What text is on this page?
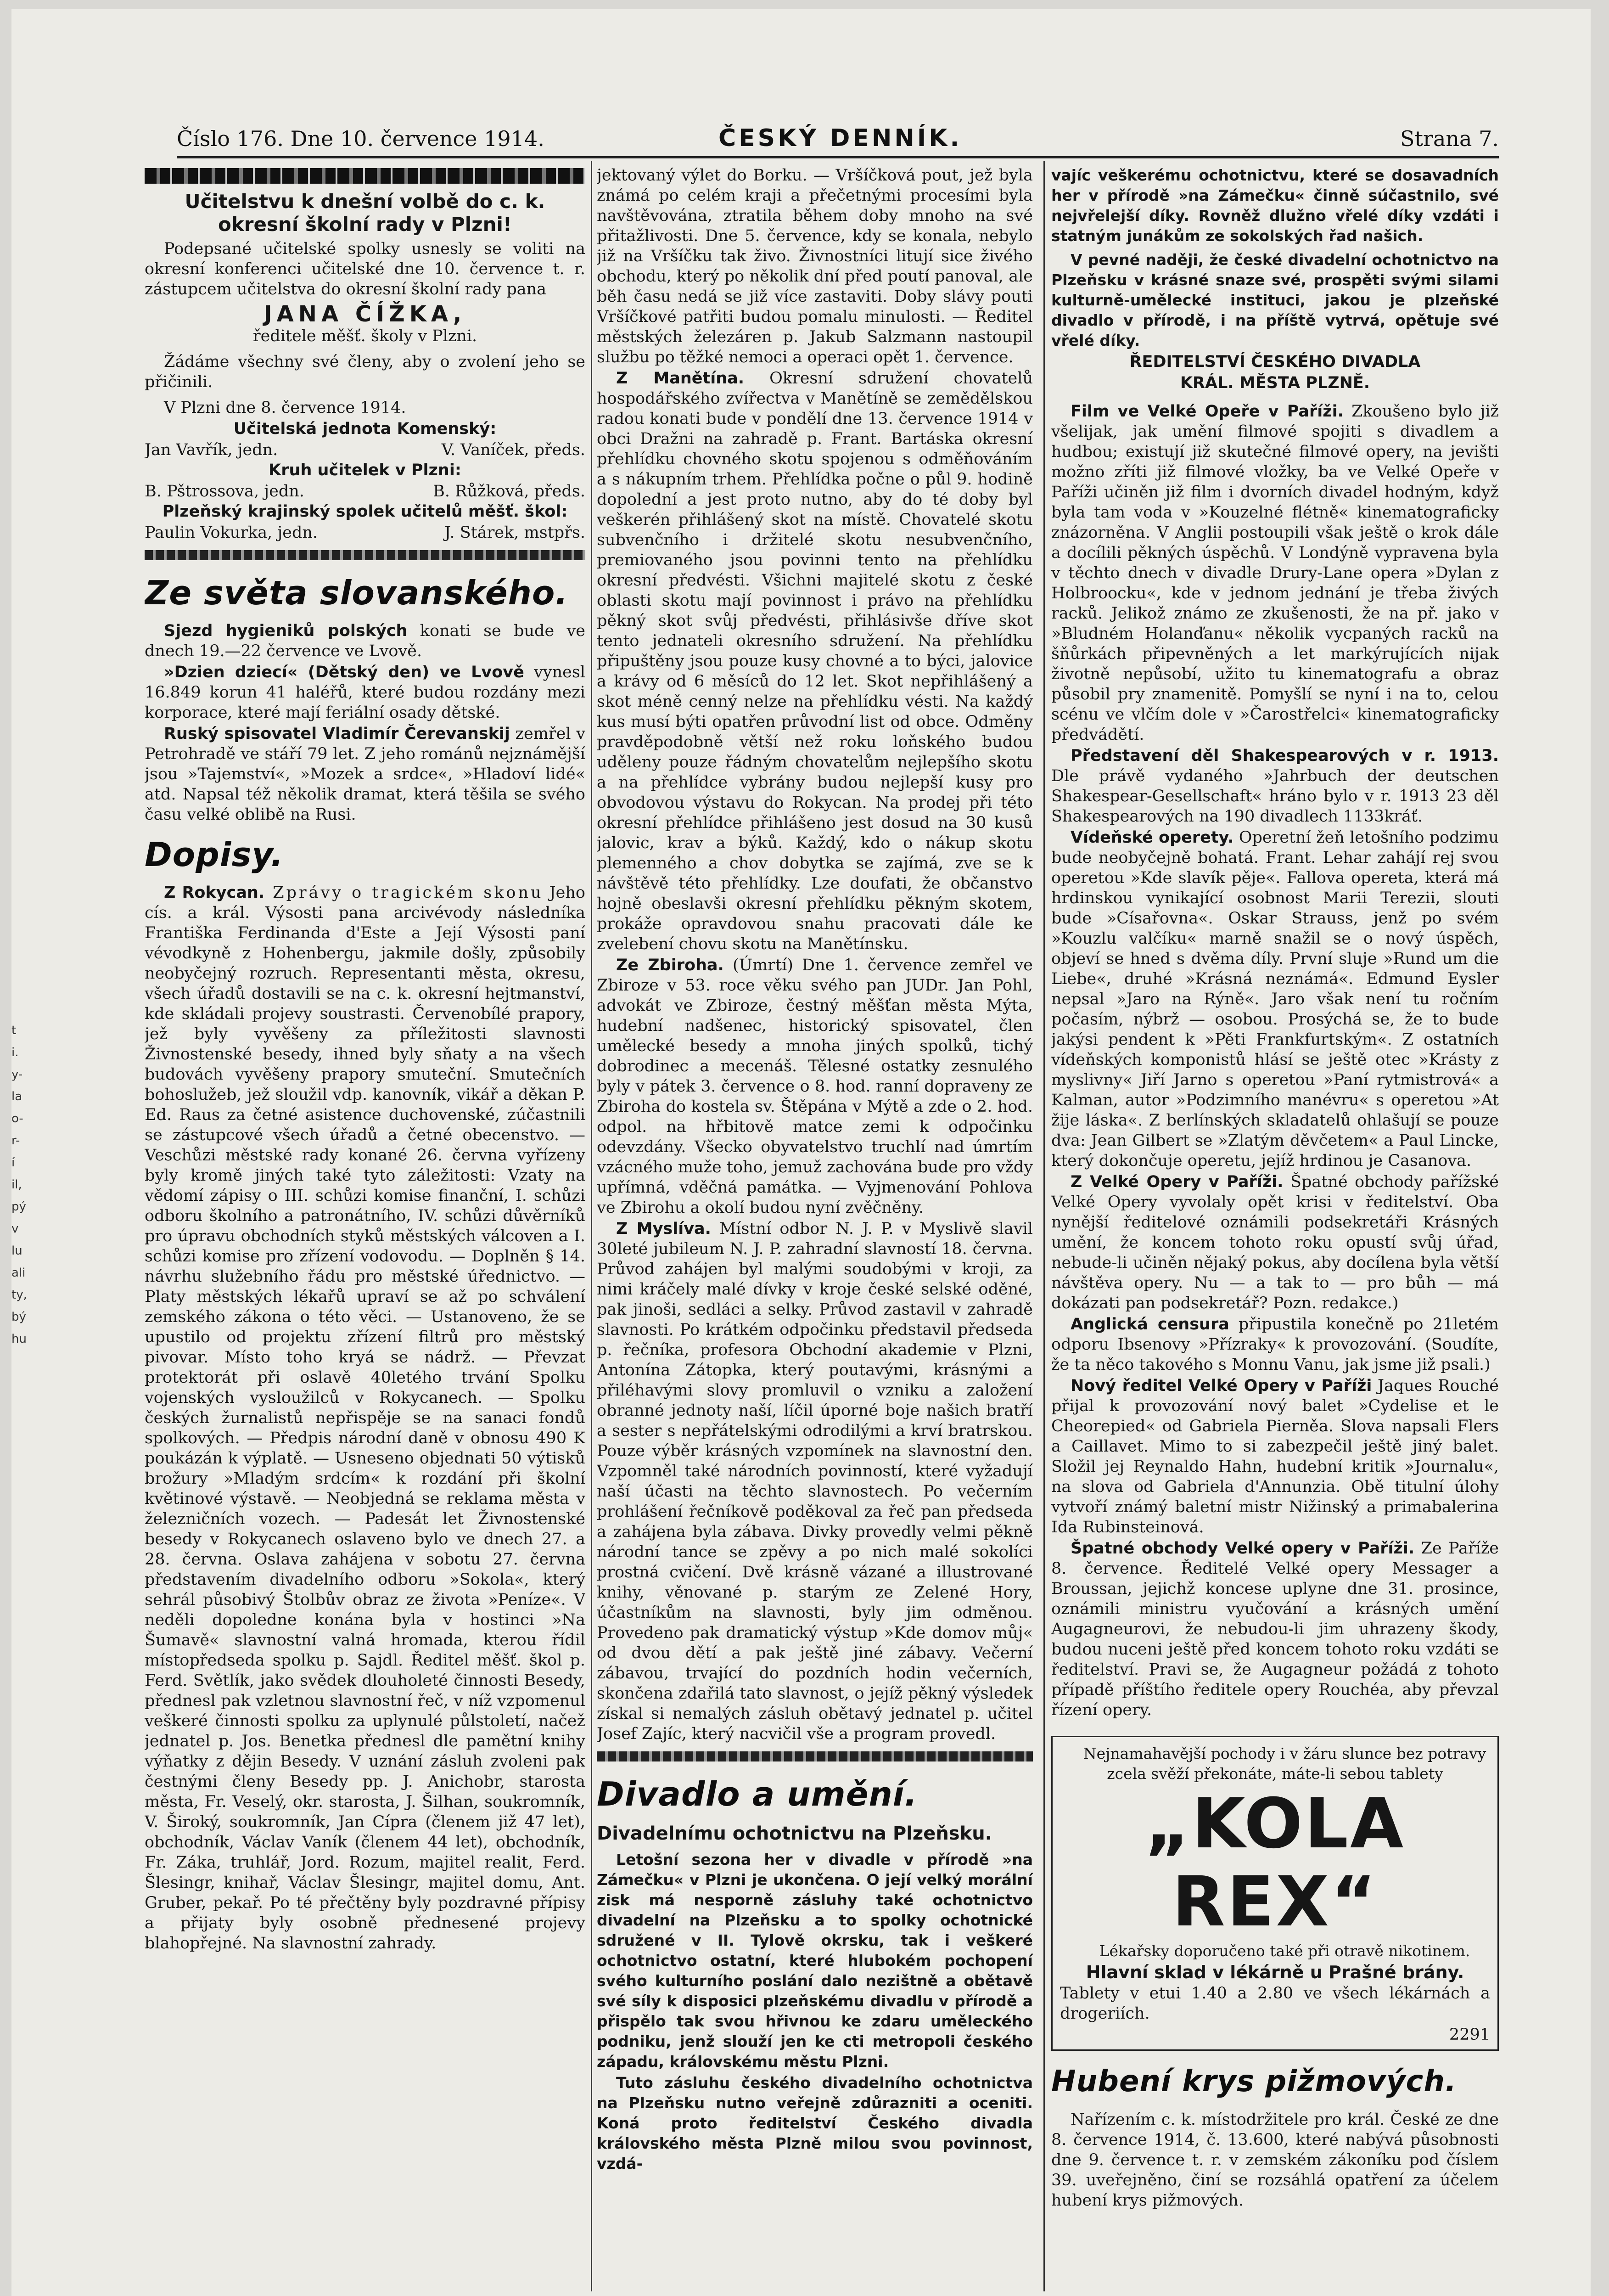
t
i.
y-
la
o-
r-
í
il,
pý
v
lu
ali
ty,
bý
hu
Číslo 176. Dne 10. července 1914.	ČESKÝ DENNÍK.	Strana 7.
Učitelstvu k dnešní volbě do c. k. okresní školní rady v Plzni!

Podepsané učitelské spolky usnesly se voliti na okresní konferenci učitelské dne 10. července t. r. zástupcem učitelstva do okresní školní rady pana

JANA ČÍŽKA,

ředitele měšť. školy v Plzni.

Žádáme všechny své členy, aby o zvolení jeho se přičinili.

V Plzni dne 8. července 1914.

Učitelská jednota Komenský:

Jan Vavřík, jedn.	V. Vaníček, předs.

Kruh učitelek v Plzni:

B. Pštrossova, jedn.	B. Růžková, předs.

Plzeňský krajinský spolek učitelů měšť. škol:

Paulin Vokurka, jedn.	J. Stárek, mstpřs.
Ze světa slovanského.

Sjezd hygieniků polských konati se bude ve dnech 19.—22 července ve Lvově.

»Dzien dziecí« (Dětský den) ve Lvově vynesl 16.849 korun 41 haléřů, které budou rozdány mezi korporace, které mají feriální osady dětské.

Ruský spisovatel Vladimír Čerevanskij zemřel v Petrohradě ve stáří 79 let. Z jeho románů nejznámější jsou »Tajemství«, »Mozek a srdce«, »Hladoví lidé« atd. Napsal též několik dramat, která těšila se svého času velké oblibě na Rusi.

Dopisy.

Z Rokycan. Zprávy o tragickém skonu Jeho cís. a král. Výsosti pana arcivévody následníka Františka Ferdinanda d'Este a Její Výsosti paní vévodkyně z Hohenbergu, jakmile došly, způsobily neobyčejný rozruch. Representanti města, okresu, všech úřadů dostavili se na c. k. okresní hejtmanství, kde skládali projevy soustrasti. Červenobílé prapory, jež byly vyvěšeny za příležitosti slavnosti Živnostenské besedy, ihned byly sňaty a na všech budovách vyvěšeny prapory smuteční. Smutečních bohoslužeb, jež sloužil vdp. kanovník, vikář a děkan P. Ed. Raus za četné asistence duchovenské, zúčastnili se zástupcové všech úřadů a četné obecenstvo. — Veschůzi městské rady konané 26. června vyřízeny byly kromě jiných také tyto záležitosti: Vzaty na vědomí zápisy o III. schůzi komise finanční, I. schůzi odboru školního a patronátního, IV. schůzi důvěrníků pro úpravu obchodních styků městských válcoven a I. schůzi komise pro zřízení vodovodu. — Doplněn § 14. návrhu služebního řádu pro městské úřednictvo. — Platy městských lékařů upraví se až po schválení zemského zákona o této věci. — Ustanoveno, že se upustilo od projektu zřízení filtrů pro městský pivovar. Místo toho kryá se nádrž. — Převzat protektorát při oslavě 40letého trvání Spolku vojenských vysloužilců v Rokycanech. — Spolku českých žurnalistů nepřispěje se na sanaci fondů spolkových. — Předpis národní daně v obnosu 490 K poukázán k výplatě. — Usneseno objednati 50 výtisků brožury »Mladým srdcím« k rozdání při školní květinové výstavě. — Neobjedná se reklama města v železničních vozech. — Padesát let Živnostenské besedy v Rokycanech oslaveno bylo ve dnech 27. a 28. června. Oslava zahájena v sobotu 27. června představením divadelního odboru »Sokola«, který sehrál působivý Štolbův obraz ze života »Peníze«. V neděli dopoledne konána byla v hostinci »Na Šumavě« slavnostní valná hromada, kterou řídil místopředseda spolku p. Sajdl. Ředitel měšť. škol p. Ferd. Světlík, jako svědek dlouholeté činnosti Besedy, přednesl pak vzletnou slavnostní řeč, v níž vzpomenul veškeré činnosti spolku za uplynulé půlstoletí, načež jednatel p. Jos. Benetka přednesl dle pamětní knihy výňatky z dějin Besedy. V uznání zásluh zvoleni pak čestnými členy Besedy pp. J. Anichobr, starosta města, Fr. Veselý, okr. starosta, J. Šilhan, soukromník, V. Široký, soukromník, Jan Cípra (členem již 47 let), obchodník, Václav Vaník (členem 44 let), obchodník, Fr. Záka, truhlář, Jord. Rozum, majitel realit, Ferd. Šlesingr, knihař, Václav Šlesingr, majitel domu, Ant. Gruber, pekař. Po té přečtěny byly pozdravné přípisy a přijaty byly osobně přednesené projevy blahopřejné. Na slavnostní zahrady.

jektovaný výlet do Borku. — Vršíčková pout, jež byla známá po celém kraji a přečetnými procesími byla navštěvována, ztratila během doby mnoho na své přitažlivosti. Dne 5. července, kdy se konala, nebylo již na Vršíčku tak živo. Živnostníci litují sice živého obchodu, který po několik dní před poutí panoval, ale běh času nedá se již více zastaviti. Doby slávy pouti Vršíčkové patřiti budou pomalu minulosti. — Ředitel městských železáren p. Jakub Salzmann nastoupil službu po těžké nemoci a operaci opět 1. července.

Z Manětína. Okresní sdružení chovatelů hospodářského zvířectva v Manětíně se zemědělskou radou konati bude v pondělí dne 13. července 1914 v obci Dražni na zahradě p. Frant. Bartáska okresní přehlídku chovného skotu spojenou s odměňováním a s nákupním trhem. Přehlídka počne o půl 9. hodině dopolední a jest proto nutno, aby do té doby byl veškerén přihlášený skot na místě. Chovatelé skotu subvenčního i držitelé skotu nesubvenčního, premiovaného jsou povinni tento na přehlídku okresní předvésti. Všichni majitelé skotu z české oblasti skotu mají povinnost i právo na přehlídku pěkný skot svůj předvésti, přihlásivše dříve skot tento jednateli okresního sdružení. Na přehlídku připuštěny jsou pouze kusy chovné a to býci, jalovice a krávy od 6 měsíců do 12 let. Skot nepřihlášený a skot méně cenný nelze na přehlídku vésti. Na každý kus musí býti opatřen průvodní list od obce. Odměny pravděpodobně větší než roku loňského budou uděleny pouze řádným chovatelům nejlepšího skotu a na přehlídce vybrány budou nejlepší kusy pro obvodovou výstavu do Rokycan. Na prodej při této okresní přehlídce přihlášeno jest dosud na 30 kusů jalovic, krav a býků. Každý, kdo o nákup skotu plemenného a chov dobytka se zajímá, zve se k návštěvě této přehlídky. Lze doufati, že občanstvo hojně obeslavši okresní přehlídku pěkným skotem, prokáže opravdovou snahu pracovati dále ke zvelebení chovu skotu na Manětínsku.

Ze Zbiroha. (Úmrtí) Dne 1. července zemřel ve Zbiroze v 53. roce věku svého pan JUDr. Jan Pohl, advokát ve Zbiroze, čestný měšťan města Mýta, hudební nadšenec, historický spisovatel, člen umělecké besedy a mnoha jiných spolků, tichý dobrodinec a mecenáš. Tělesné ostatky zesnulého byly v pátek 3. července o 8. hod. ranní dopraveny ze Zbiroha do kostela sv. Štěpána v Mýtě a zde o 2. hod. odpol. na hřbitově matce zemi k odpočinku odevzdány. Všecko obyvatelstvo truchlí nad úmrtím vzácného muže toho, jemuž zachována bude pro vždy upřímná, vděčná památka. — Vyjmenování Pohlova ve Zbirohu a okolí budou nyní zvěčněny.

Z Myslíva. Místní odbor N. J. P. v Myslivě slavil 30leté jubileum N. J. P. zahradní slavností 18. června. Průvod zahájen byl malými soudobými v kroji, za nimi kráčely malé dívky v kroje české selské oděné, pak jinoši, sedláci a selky. Průvod zastavil v zahradě slavnosti. Po krátkém odpočinku představil předseda p. řečníka, profesora Obchodní akademie v Plzni, Antonína Zátopka, který poutavými, krásnými a přiléhavými slovy promluvil o vzniku a založení obranné jednoty naší, líčil úporné boje našich bratří a sester s nepřátelskými odrodilými a krví bratrskou. Pouze výběr krásných vzpomínek na slavnostní den. Vzpomněl také národních povinností, které vyžadují naší účasti na těchto slavnostech. Po večerním prohlášení řečníkově poděkoval za řeč pan předseda a zahájena byla zábava. Divky provedly velmi pěkně národní tance se zpěvy a po nich malé sokolíci prostná cvičení. Dvě krásně vázané a illustrované knihy, věnované p. starým ze Zelené Hory, účastníkům na slavnosti, byly jim odměnou. Provedeno pak dramatický výstup »Kde domov můj« od dvou dětí a pak ještě jiné zábavy. Večerní zábavou, trvající do pozdních hodin večerních, skončena zdařilá tato slavnost, o jejíž pěkný výsledek získal si nemalých zásluh obětavý jednatel p. učitel Josef Zajíc, který nacvičil vše a program provedl.

Divadlo a umění.
Divadelnímu ochotnictvu na Plzeňsku.

Letošní sezona her v divadle v přírodě »na Zámečku« v Plzni je ukončena. O její velký morální zisk má nesporně zásluhy také ochotnictvo divadelní na Plzeňsku a to spolky ochotnické sdružené v II. Tylově okrsku, tak i veškeré ochotnictvo ostatní, které hlubokém pochopení svého kulturního poslání dalo nezištně a obětavě své síly k disposici plzeňskému divadlu v přírodě a přispělo tak svou hřivnou ke zdaru uměleckého podniku, jenž slouží jen ke cti metropoli českého západu, královskému městu Plzni.

Tuto zásluhu českého divadelního ochotnictva na Plzeňsku nutno veřejně zdůrazniti a oceniti. Koná proto ředitelství Českého divadla královského města Plzně milou svou povinnost, vzdá-

vajíc veškerému ochotnictvu, které se dosavadních her v přírodě »na Zámečku« činně súčastnilo, své nejvřelejší díky. Rovněž dlužno vřelé díky vzdáti i statným junákům ze sokolských řad našich.

V pevné naději, že české divadelní ochotnictvo na Plzeňsku v krásné snaze své, prospěti svými silami kulturně-umělecké instituci, jakou je plzeňské divadlo v přírodě, i na příště vytrvá, opětuje své vřelé díky.

ŘEDITELSTVÍ ČESKÉHO DIVADLA

KRÁL. MĚSTA PLZNĚ.

Film ve Velké Opeře v Paříži. Zkoušeno bylo již všelijak, jak umění filmové spojiti s divadlem a hudbou; existují již skutečné filmové opery, na jevišti možno zříti již filmové vložky, ba ve Velké Opeře v Paříži učiněn již film i dvorních divadel hodným, když byla tam voda v »Kouzelné flétně« kinematograficky znázorněna. V Anglii postoupili však ještě o krok dále a docílili pěkných úspěchů. V Londýně vypravena byla v těchto dnech v divadle Drury-Lane opera »Dylan z Holbroocku«, kde v jednom jednání je třeba živých racků. Jelikož známo ze zkušenosti, že na př. jako v »Bludném Holanďanu« několik vycpaných racků na šňůrkách připevněných a let markýrujících nijak životně nepůsobí, užito tu kinematografu a obraz působil pry znamenitě. Pomyšlí se nyní i na to, celou scénu ve vlčím dole v »Čarostřelci« kinematograficky předvádětí.

Představení děl Shakespearových v r. 1913. Dle právě vydaného »Jahrbuch der deutschen Shakespear-Gesellschaft« hráno bylo v r. 1913 23 děl Shakespearových na 190 divadlech 1133kráť.

Vídeňské operety. Operetní žeň letošního podzimu bude neobyčejně bohatá. Frant. Lehar zahájí rej svou operetou »Kde slavík pěje«. Fallova opereta, která má hrdinskou vynikající osobnost Marii Terezii, slouti bude »Císařovna«. Oskar Strauss, jenž po svém »Kouzlu valčíku« marně snažil se o nový úspěch, objeví se hned s dvěma díly. První sluje »Rund um die Liebe«, druhé »Krásná neznámá«. Edmund Eysler nepsal »Jaro na Rýně«. Jaro však není tu ročním počasím, nýbrž — osobou. Prosýchá se, že to bude jakýsi pendent k »Pěti Frankfurtským«. Z ostatních vídeňských komponistů hlásí se ještě otec »Krásty z myslivny« Jiří Jarno s operetou »Paní rytmistrová« a Kalman, autor »Podzimního manévru« s operetou »At žije láska«. Z berlínských skladatelů ohlašují se pouze dva: Jean Gilbert se »Zlatým děvčetem« a Paul Lincke, který dokončuje operetu, jejíž hrdinou je Casanova.

Z Velké Opery v Paříži. Špatné obchody pařížské Velké Opery vyvolaly opět krisi v ředitelství. Oba nynější ředitelové oznámili podsekretáři Krásných umění, že koncem tohoto roku opustí svůj úřad, nebude-li učiněn nějaký pokus, aby docílena byla větší návštěva opery. Nu — a tak to — pro bůh — má dokázati pan podsekretář? Pozn. redakce.)

Anglická censura připustila konečně po 21letém odporu Ibsenovy »Přízraky« k provozování. (Soudíte, že ta něco takového s Monnu Vanu, jak jsme již psali.)

Nový ředitel Velké Opery v Paříži Jaques Rouché přijal k provozování nový balet »Cydelise et le Cheorepied« od Gabriela Pierněa. Slova napsali Flers a Caillavet. Mimo to si zabezpečil ještě jiný balet. Složil jej Reynaldo Hahn, hudební kritik »Journalu«, na slova od Gabriela d'Annunzia. Obě titulní úlohy vytvoří známý baletní mistr Nižinský a primabalerina Ida Rubinsteinová.

Špatné obchody Velké opery v Paříži. Ze Paříže 8. července. Ředitelé Velké opery Messager a Broussan, jejichž koncese uplyne dne 31. prosince, oznámili ministru vyučování a krásných umění Augagneurovi, že nebudou-li jim uhrazeny škody, budou nuceni ještě před koncem tohoto roku vzdáti se ředitelství. Pravi se, že Augagneur požádá z tohoto případě příštího ředitele opery Rouchéa, aby převzal řízení opery.

Nejnamahavější pochody i v žáru slunce bez potravy zcela svěží překonáte, máte-li sebou tablety

„KOLA REX“

Lékařsky doporučeno také při otravě nikotinem.

Hlavní sklad v lékárně u Prašné brány.

Tablety v etui 1.40 a 2.80 ve všech lékárnách a drogeriích.

2291

Hubení krys pižmových.

Nařízením c. k. místodržitele pro král. České ze dne 8. července 1914, č. 13.600, které nabývá působnosti dne 9. července t. r. v zemském zákoníku pod číslem 39. uveřejněno, činí se rozsáhlá opatření za účelem hubení krys pižmových.
